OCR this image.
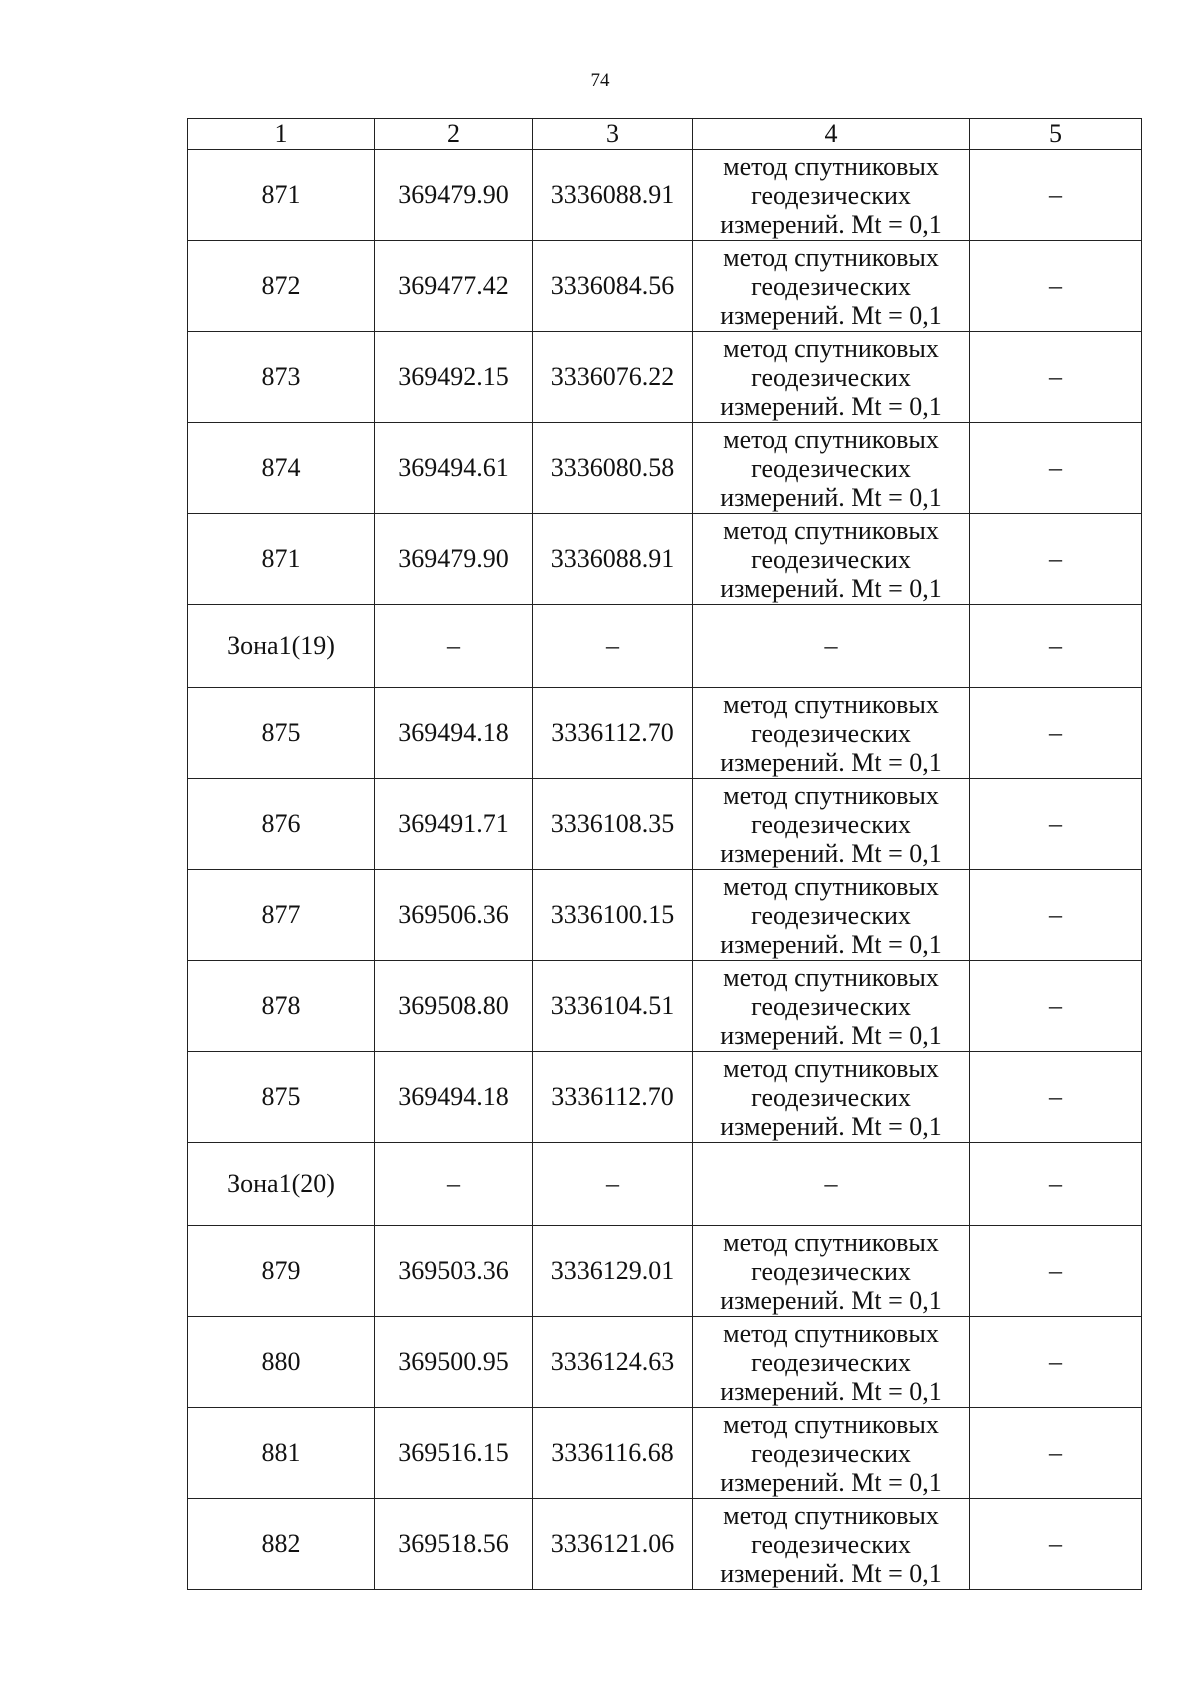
74
1	2	3	4	5
871	369479.90	3336088.91	метод спутниковых
геодезических
измерений. Mt = 0,1	–
872	369477.42	3336084.56	метод спутниковых
геодезических
измерений. Mt = 0,1	–
873	369492.15	3336076.22	метод спутниковых
геодезических
измерений. Mt = 0,1	–
874	369494.61	3336080.58	метод спутниковых
геодезических
измерений. Mt = 0,1	–
871	369479.90	3336088.91	метод спутниковых
геодезических
измерений. Mt = 0,1	–
Зона1(19)	–	–	–	–
875	369494.18	3336112.70	метод спутниковых
геодезических
измерений. Mt = 0,1	–
876	369491.71	3336108.35	метод спутниковых
геодезических
измерений. Mt = 0,1	–
877	369506.36	3336100.15	метод спутниковых
геодезических
измерений. Mt = 0,1	–
878	369508.80	3336104.51	метод спутниковых
геодезических
измерений. Mt = 0,1	–
875	369494.18	3336112.70	метод спутниковых
геодезических
измерений. Mt = 0,1	–
Зона1(20)	–	–	–	–
879	369503.36	3336129.01	метод спутниковых
геодезических
измерений. Mt = 0,1	–
880	369500.95	3336124.63	метод спутниковых
геодезических
измерений. Mt = 0,1	–
881	369516.15	3336116.68	метод спутниковых
геодезических
измерений. Mt = 0,1	–
882	369518.56	3336121.06	метод спутниковых
геодезических
измерений. Mt = 0,1	–
